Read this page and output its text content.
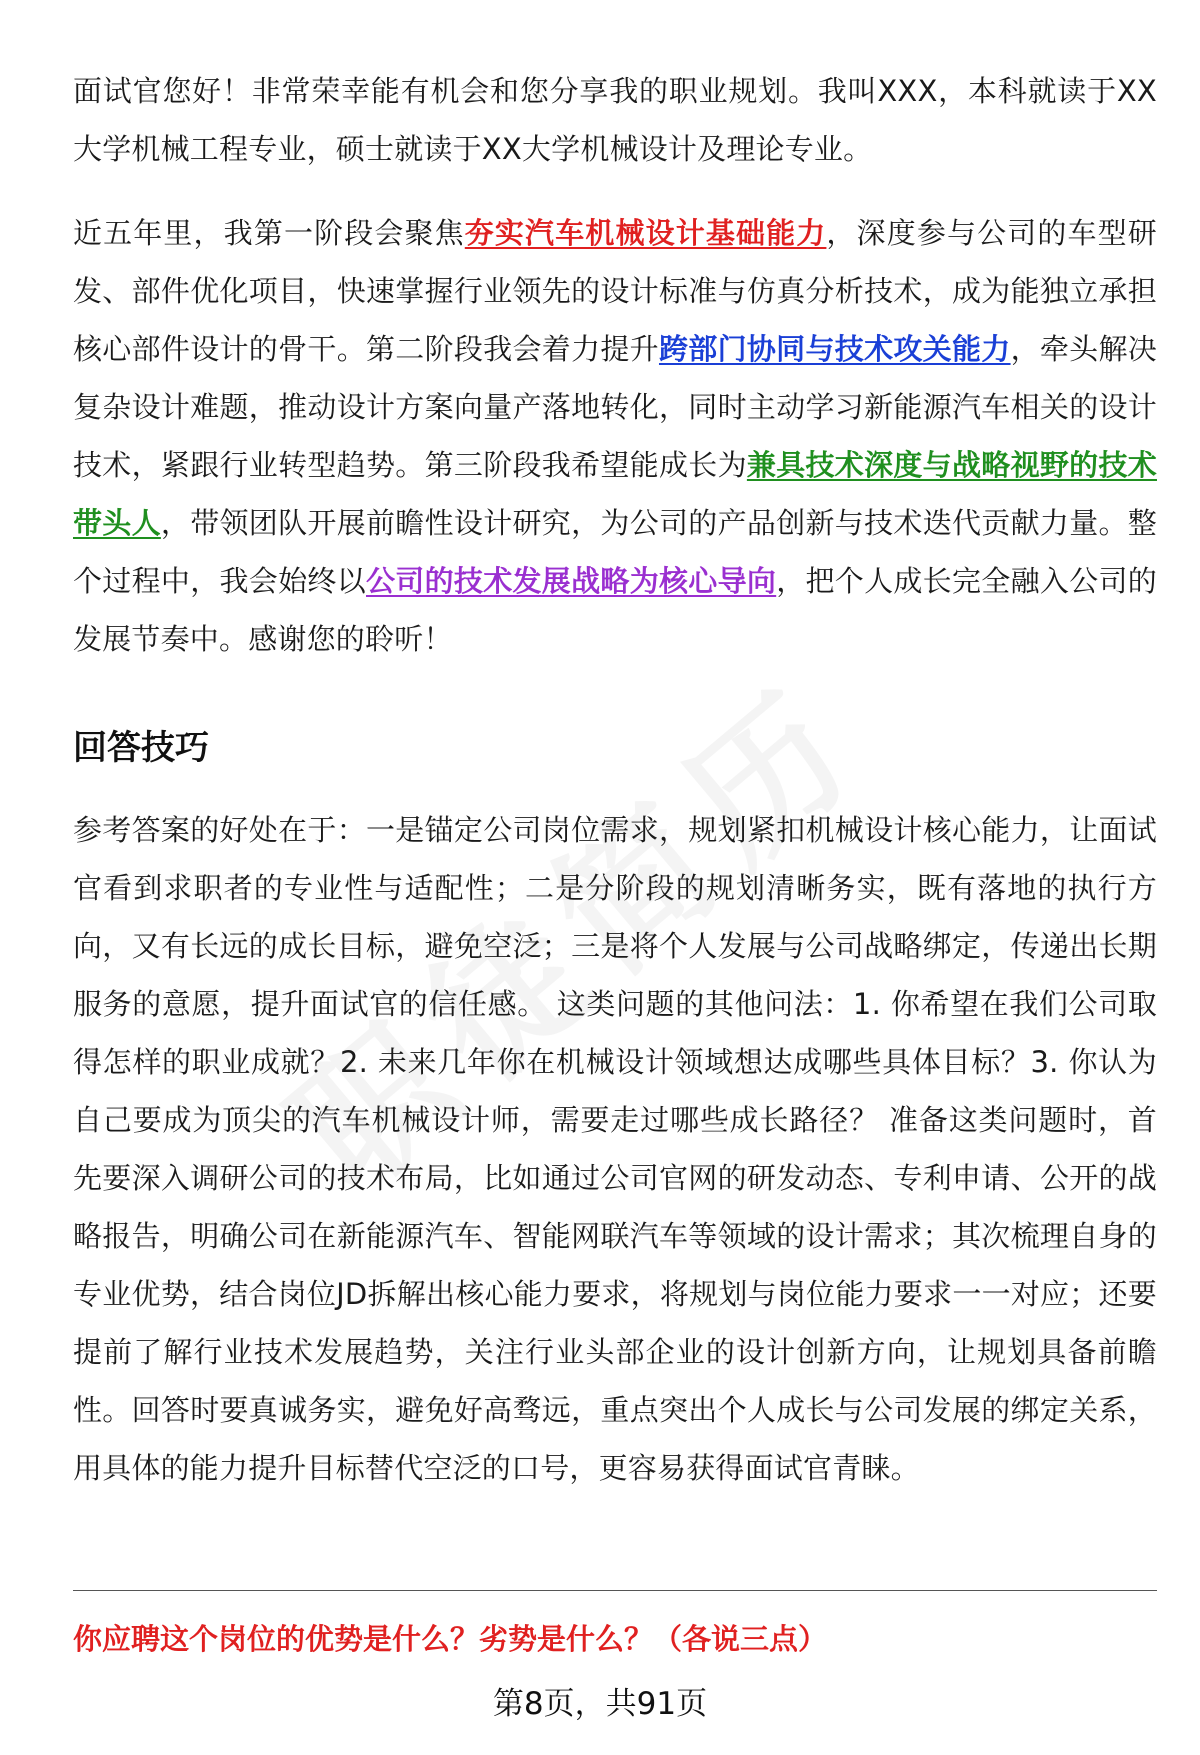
面试官您好！非常荣幸能有机会和您分享我的职业规划。我叫XXX，本科就读于XX大学机械工程专业，硕士就读于XX大学机械设计及理论专业。

近五年里，我第一阶段会聚焦夯实汽车机械设计基础能力，深度参与公司的车型研发、部件优化项目，快速掌握行业领先的设计标准与仿真分析技术，成为能独立承担核心部件设计的骨干。第二阶段我会着力提升跨部门协同与技术攻关能力，牵头解决复杂设计难题，推动设计方案向量产落地转化，同时主动学习新能源汽车相关的设计技术，紧跟行业转型趋势。第三阶段我希望能成长为兼具技术深度与战略视野的技术带头人，带领团队开展前瞻性设计研究，为公司的产品创新与技术迭代贡献力量。整个过程中，我会始终以公司的技术发展战略为核心导向，把个人成长完全融入公司的发展节奏中。感谢您的聆听！

回答技巧

参考答案的好处在于：一是锚定公司岗位需求，规划紧扣机械设计核心能力，让面试官看到求职者的专业性与适配性；二是分阶段的规划清晰务实，既有落地的执行方向，又有长远的成长目标，避免空泛；三是将个人发展与公司战略绑定，传递出长期服务的意愿，提升面试官的信任感。 这类问题的其他问法：1. 你希望在我们公司取得怎样的职业成就？2. 未来几年你在机械设计领域想达成哪些具体目标？3. 你认为自己要成为顶尖的汽车机械设计师，需要走过哪些成长路径？ 准备这类问题时，首先要深入调研公司的技术布局，比如通过公司官网的研发动态、专利申请、公开的战略报告，明确公司在新能源汽车、智能网联汽车等领域的设计需求；其次梳理自身的专业优势，结合岗位JD拆解出核心能力要求，将规划与岗位能力要求一一对应；还要提前了解行业技术发展趋势，关注行业头部企业的设计创新方向，让规划具备前瞻性。回答时要真诚务实，避免好高骛远，重点突出个人成长与公司发展的绑定关系，用具体的能力提升目标替代空泛的口号，更容易获得面试官青睐。

你应聘这个岗位的优势是什么？劣势是什么？（各说三点）
第8页，共91页
